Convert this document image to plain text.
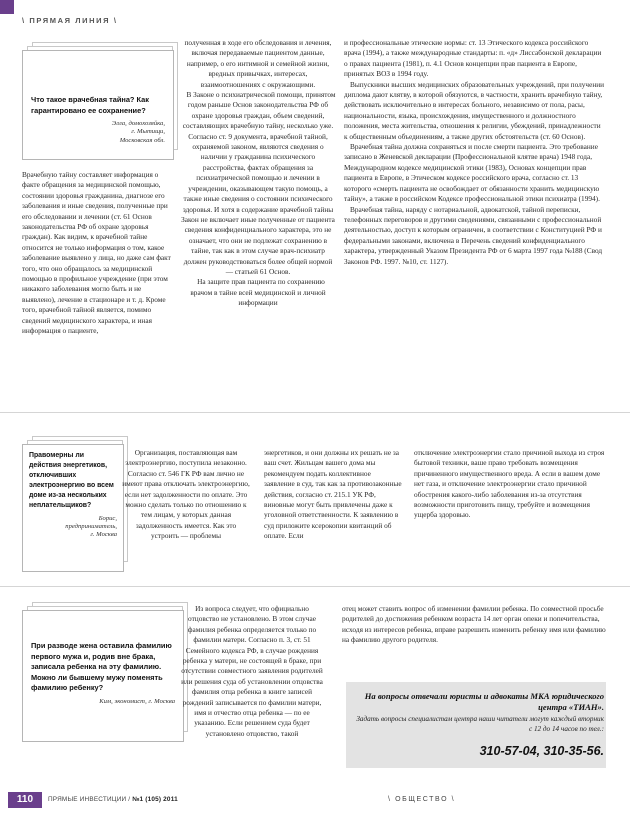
\ ПРЯМАЯ ЛИНИЯ \
Что такое врачебная тайна? Как гарантировано ее сохранение?
Элла, домохозяйка,
г. Мытищи,
Московская обл.

Врачебную тайну составляет информация о факте обращения за медицинской помощью, состоянии здоровья гражданина, диагнозе его заболевания и иные сведения, полученные при его обследовании и лечении (ст. 61 Основ законодательства РФ об охране здоровья граждан). Как видим, к врачебной тайне относится не только информация о том, какое заболевание выявлено у лица, но даже сам факт того, что оно обращалось за медицинской помощью в профильное учреждение (при этом никакого заболевания могло быть и не выявлено), лечение в стационаре и т. д. Кроме того, врачебной тайной является, помимо сведений медицинского характера, и иная информация о пациенте,

полученная в ходе его обследования и лечения, включая передаваемые пациентом данные, например, о его интимной и семейной жизни, вредных привычках, интересах, взаимоотношениях с окружающими.

В Законе о психиатрической помощи, принятом годом раньше Основ законодательства РФ об охране здоровья граждан, объем сведений, составляющих врачебную тайну, несколько уже. Согласно ст. 9 документа, врачебной тайной, охраняемой законом, являются сведения о наличии у гражданина психического расстройства, фактах обращения за психиатрической помощью и лечении в учреждении, оказывающем такую помощь, а также иные сведения о состоянии психического здоровья. И хотя в содержание врачебной тайны Закон не включает иные полученные от пациента сведения конфиденциального характера, это не означает, что они не подлежат сохранению в тайне, так как в этом случае врач-психиатр должен руководствоваться более общей нормой — статьей 61 Основ.

На защите прав пациента по сохранению врачом в тайне всей медицинской и личной информации

и профессиональные этические нормы: ст. 13 Этического кодекса российского врача (1994), а также международные стандарты: п. «д» Лиссабонской декларации о правах пациента (1981), п. 4.1 Основ концепции прав пациента в Европе, принятых ВОЗ в 1994 году.

Выпускники высших медицинских образовательных учреждений, при получении диплома дают клятву, в которой обязуются, в частности, хранить врачебную тайну, действовать исключительно в интересах больного, независимо от пола, расы, национальности, языка, происхождения, имущественного и должностного положения, места жительства, отношения к религии, убеждений, принадлежности к общественным объединениям, а также других обстоятельств (ст. 60 Основ).

Врачебная тайна должна сохраняться и после смерти пациента. Это требование записано в Женевской декларации (Профессиональной клятве врача) 1948 года, Международном кодексе медицинской этики (1983), Основах концепции прав пациента в Европе, в Этическом кодексе российского врача, согласно ст. 13 которого «смерть пациента не освобождает от обязанности хранить медицинскую тайну», а также в российском Кодексе профессиональной этики психиатра (1994).

Врачебная тайна, наряду с нотариальной, адвокатской, тайной переписки, телефонных переговоров и другими сведениями, связанными с профессиональной деятельностью, доступ к которым ограничен, в соответствии с Конституцией РФ и федеральными законами, включена в Перечень сведений конфиденциального характера, утвержденный Указом Президента РФ от 6 марта 1997 года №188 (Свод Законов РФ. 1997. №10, ст. 1127).

Правомерны ли действия энергетиков, отключивших электроэнергию во всем доме из-за нескольких неплательщиков?
Борис,
предприниматель,
г. Москва

Организация, поставляющая вам электроэнергию, поступила незаконно. Согласно ст. 546 ГК РФ вам лично не имеют права отключать электроэнергию, если нет задолженности по оплате. Это можно сделать только по отношению к тем лицам, у которых данная задолженность имеется. Как это устроить — проблемы

энергетиков, и они должны их решать не за ваш счет. Жильцам вашего дома мы рекомендуем подать коллективное заявление в суд, так как за противозаконные действия, согласно ст. 215.1 УК РФ, виновные могут быть привлечены даже к уголовной ответственности. К заявлению в суд приложите ксерокопии квитанций об оплате. Если

отключение электроэнергии стало причиной выхода из строя бытовой техники, ваше право требовать возмещения причиненного имущественного вреда. А если в вашем доме нет газа, и отключение электроэнергии стало причиной обострения какого-либо заболевания из-за отсутствия возможности приготовить пищу, требуйте и возмещения ущерба здоровью.

При разводе жена оставила фамилию первого мужа и, родив вне брака, записала ребенка на эту фамилию. Можно ли бывшему мужу поменять фамилию ребенку?
Ким, экономист, г. Москва

Из вопроса следует, что официально отцовство не установлено. В этом случае фамилия ребенка определяется только по фамилии матери. Согласно п. 3, ст. 51 Семейного кодекса РФ, в случае рождения ребенка у матери, не состоящей в браке, при отсутствии совместного заявления родителей или решения суда об установлении отцовства фамилия отца ребенка в книге записей рождений записывается по фамилии матери, имя и отчество отца ребенка — по ее указанию. Если решением суда будет установлено отцовство, такой

отец может ставить вопрос об изменении фамилии ребенка. По совместной просьбе родителей до достижения ребенком возраста 14 лет орган опеки и попечительства, исходя из интересов ребенка, вправе разрешить изменить ребенку имя или фамилию на фамилию другого родителя.

На вопросы отвечали юристы и адвокаты МКА юридического центра «ТИАН».
Задать вопросы специалистам центра наши читатели могут каждый вторник с 12 до 14 часов по тел.:
310-57-04, 310-35-56.
110	ПРЯМЫЕ ИНВЕСТИЦИИ / №1 (105) 2011	\ ОБЩЕСТВО \
